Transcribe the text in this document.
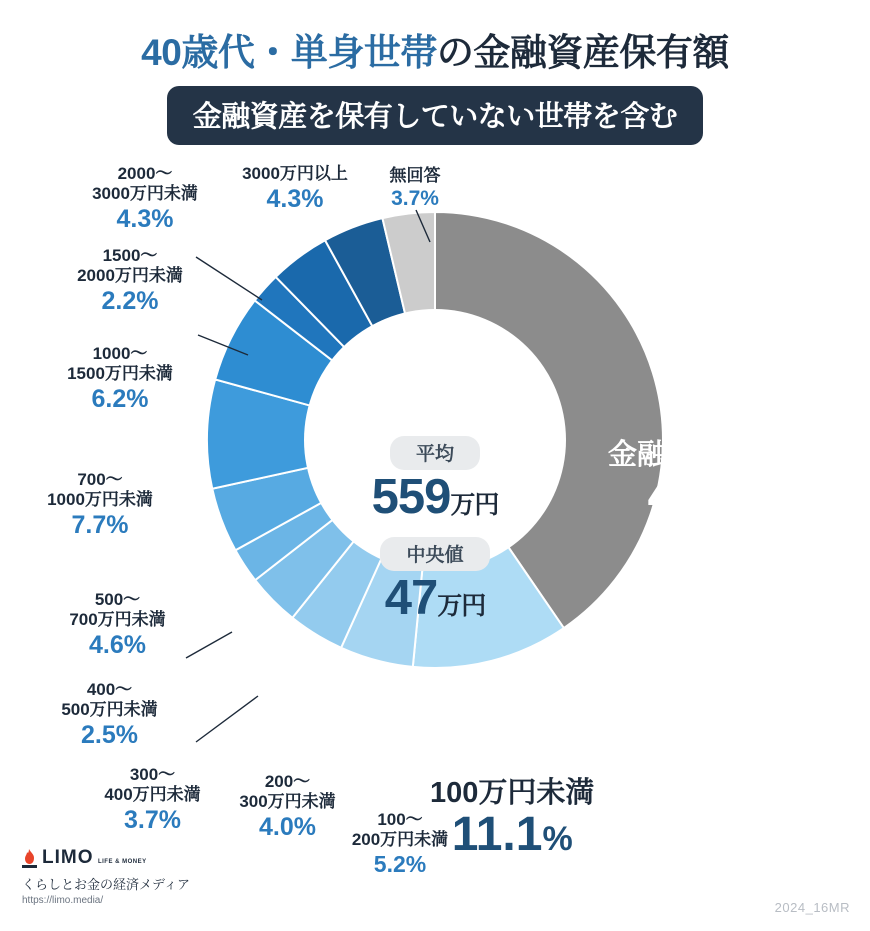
40歳代・単身世帯の金融資産保有額
金融資産を保有していない世帯を含む
平均
559万円
中央値
47万円
金融資産非保有
40.4%
100万円未満
11.1%
2000〜
3000万円未満
4.3%
3000万円以上
4.3%
無回答
3.7%
1500〜
2000万円未満
2.2%
1000〜
1500万円未満
6.2%
700〜
1000万円未満
7.7%
500〜
700万円未満
4.6%
400〜
500万円未満
2.5%
300〜
400万円未満
3.7%
200〜
300万円未満
4.0%	100〜
200万円未満
5.2%
LIMO LIFE & MONEY
くらしとお金の経済メディア
https://limo.media/	2024_16MR
